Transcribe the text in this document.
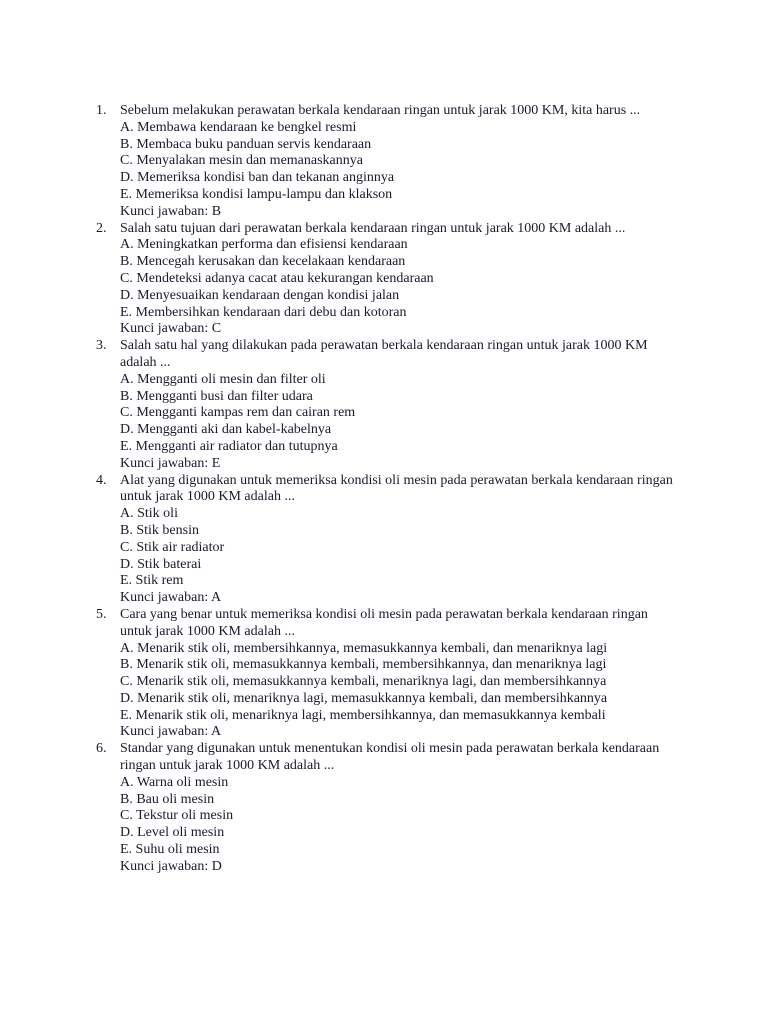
1. Sebelum melakukan perawatan berkala kendaraan ringan untuk jarak 1000 KM, kita harus ...
A. Membawa kendaraan ke bengkel resmi
B. Membaca buku panduan servis kendaraan
C. Menyalakan mesin dan memanaskannya
D. Memeriksa kondisi ban dan tekanan anginnya
E. Memeriksa kondisi lampu-lampu dan klakson
Kunci jawaban: B
2. Salah satu tujuan dari perawatan berkala kendaraan ringan untuk jarak 1000 KM adalah ...
A. Meningkatkan performa dan efisiensi kendaraan
B. Mencegah kerusakan dan kecelakaan kendaraan
C. Mendeteksi adanya cacat atau kekurangan kendaraan
D. Menyesuaikan kendaraan dengan kondisi jalan
E. Membersihkan kendaraan dari debu dan kotoran
Kunci jawaban: C
3. Salah satu hal yang dilakukan pada perawatan berkala kendaraan ringan untuk jarak 1000 KM adalah ...
A. Mengganti oli mesin dan filter oli
B. Mengganti busi dan filter udara
C. Mengganti kampas rem dan cairan rem
D. Mengganti aki dan kabel-kabelnya
E. Mengganti air radiator dan tutupnya
Kunci jawaban: E
4. Alat yang digunakan untuk memeriksa kondisi oli mesin pada perawatan berkala kendaraan ringan untuk jarak 1000 KM adalah ...
A. Stik oli
B. Stik bensin
C. Stik air radiator
D. Stik baterai
E. Stik rem
Kunci jawaban: A
5. Cara yang benar untuk memeriksa kondisi oli mesin pada perawatan berkala kendaraan ringan untuk jarak 1000 KM adalah ...
A. Menarik stik oli, membersihkannya, memasukkannya kembali, dan menariknya lagi
B. Menarik stik oli, memasukkannya kembali, membersihkannya, dan menariknya lagi
C. Menarik stik oli, memasukkannya kembali, menariknya lagi, dan membersihkannya
D. Menarik stik oli, menariknya lagi, memasukkannya kembali, dan membersihkannya
E. Menarik stik oli, menariknya lagi, membersihkannya, dan memasukkannya kembali
Kunci jawaban: A
6. Standar yang digunakan untuk menentukan kondisi oli mesin pada perawatan berkala kendaraan ringan untuk jarak 1000 KM adalah ...
A. Warna oli mesin
B. Bau oli mesin
C. Tekstur oli mesin
D. Level oli mesin
E. Suhu oli mesin
Kunci jawaban: D
